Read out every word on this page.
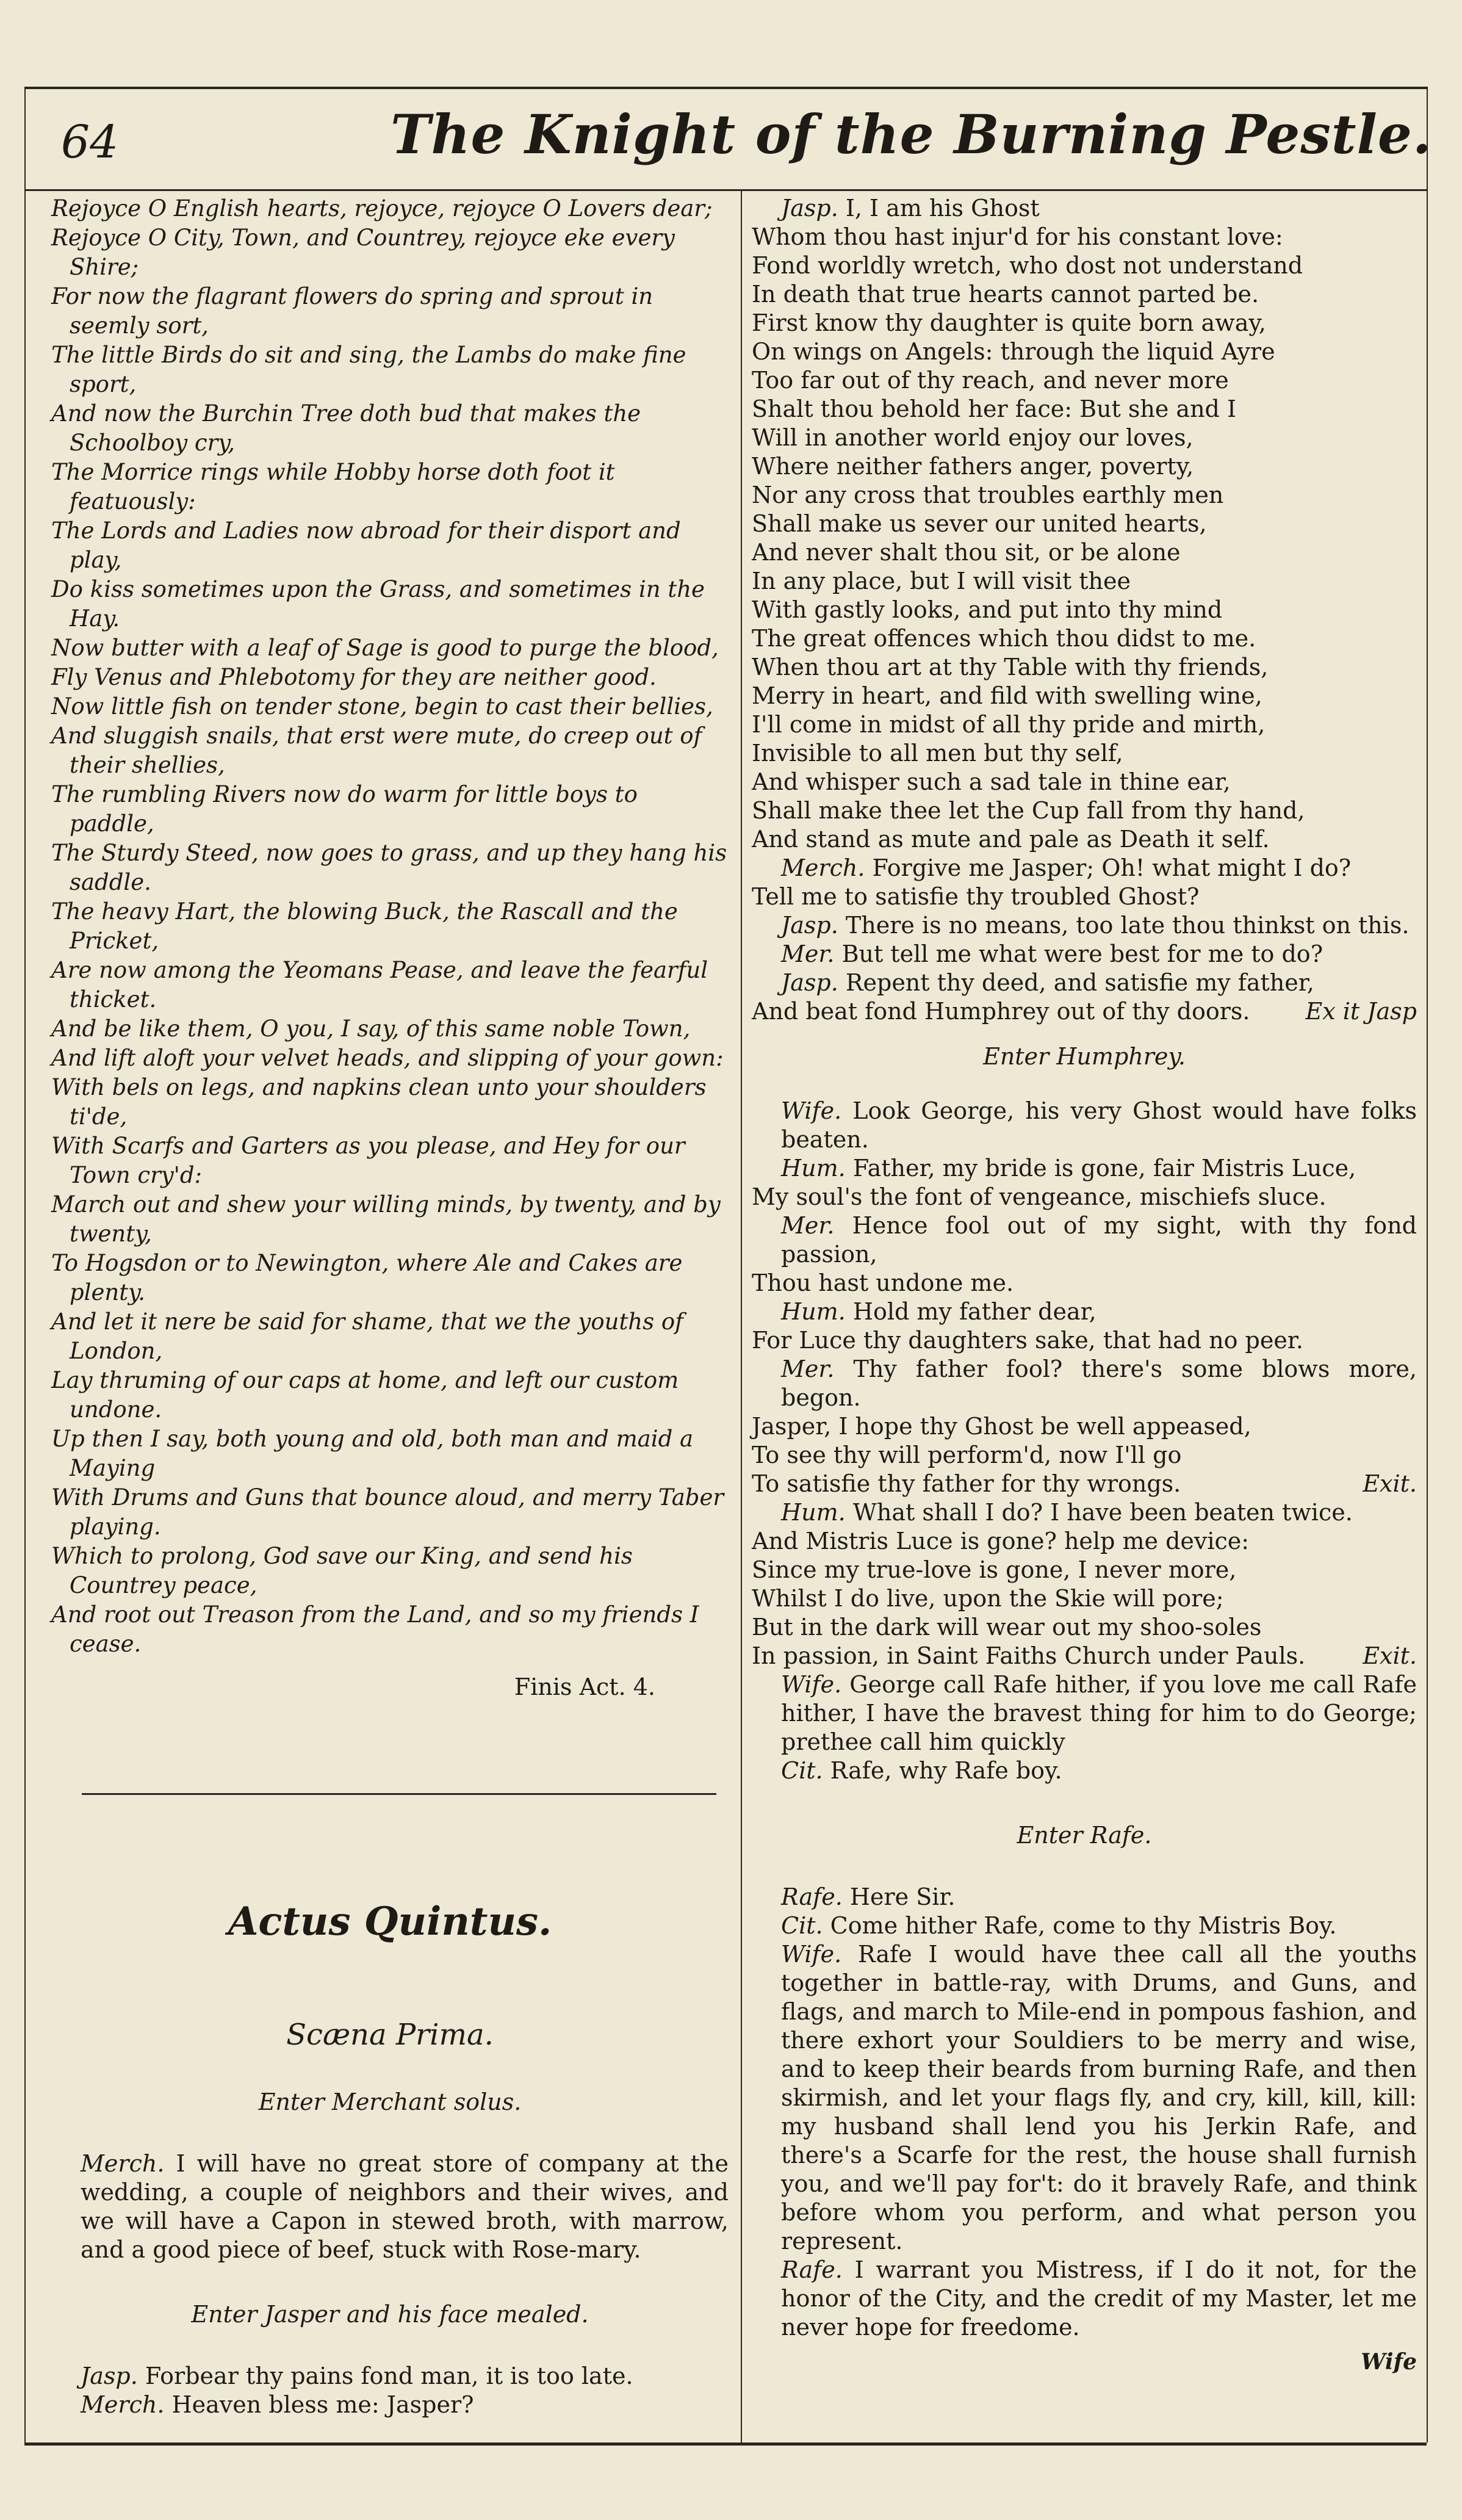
64	The Knight of the Burning Pestle.

Rejoyce O English hearts, rejoyce, rejoyce O Lovers dear;

Rejoyce O City, Town, and Countrey, rejoyce eke every Shire;

For now the flagrant flowers do spring and sprout in seemly sort,

The little Birds do sit and sing, the Lambs do make fine sport,

And now the Burchin Tree doth bud that makes the Schoolboy cry,

The Morrice rings while Hobby horse doth foot it featuously:

The Lords and Ladies now abroad for their disport and play,

Do kiss sometimes upon the Grass, and sometimes in the Hay.

Now butter with a leaf of Sage is good to purge the blood,

Fly Venus and Phlebotomy for they are neither good.

Now little fish on tender stone, begin to cast their bellies,

And sluggish snails, that erst were mute, do creep out of their shellies,

The rumbling Rivers now do warm for little boys to paddle,

The Sturdy Steed, now goes to grass, and up they hang his saddle.

The heavy Hart, the blowing Buck, the Rascall and the Pricket,

Are now among the Yeomans Pease, and leave the fearful thicket.

And be like them, O you, I say, of this same noble Town,

And lift aloft your velvet heads, and slipping of your gown:

With bels on legs, and napkins clean unto your shoulders ti'de,

With Scarfs and Garters as you please, and Hey for our Town cry'd:

March out and shew your willing minds, by twenty, and by twenty,

To Hogsdon or to Newington, where Ale and Cakes are plenty.

And let it nere be said for shame, that we the youths of London,

Lay thruming of our caps at home, and left our custom undone.

Up then I say, both young and old, both man and maid a Maying

With Drums and Guns that bounce aloud, and merry Taber playing.

Which to prolong, God save our King, and send his Countrey peace,

And root out Treason from the Land, and so my friends I cease.

Finis Act. 4.
Actus Quintus.
Scæna Prima.
Enter Merchant solus.

Merch. I will have no great store of company at the wedding, a couple of neighbors and their wives, and we will have a Capon in stewed broth, with marrow, and a good piece of beef, stuck with Rose-mary.

Enter Jasper and his face mealed.

Jasp. Forbear thy pains fond man, it is too late.

Merch. Heaven bless me: Jasper?

Jasp. I, I am his Ghost

Whom thou hast injur'd for his constant love:

Fond worldly wretch, who dost not understand

In death that true hearts cannot parted be.

First know thy daughter is quite born away,

On wings on Angels: through the liquid Ayre

Too far out of thy reach, and never more

Shalt thou behold her face: But she and I

Will in another world enjoy our loves,

Where neither fathers anger, poverty,

Nor any cross that troubles earthly men

Shall make us sever our united hearts,

And never shalt thou sit, or be alone

In any place, but I will visit thee

With gastly looks, and put into thy mind

The great offences which thou didst to me.

When thou art at thy Table with thy friends,

Merry in heart, and fild with swelling wine,

I'll come in midst of all thy pride and mirth,

Invisible to all men but thy self,

And whisper such a sad tale in thine ear,

Shall make thee let the Cup fall from thy hand,

And stand as mute and pale as Death it self.

Merch. Forgive me Jasper; Oh! what might I do?

Tell me to satisfie thy troubled Ghost?

Jasp. There is no means, too late thou thinkst on this.

Mer. But tell me what were best for me to do?

Jasp. Repent thy deed, and satisfie my father,

And beat fond Humphrey out of thy doors. Ex it Jasp

Enter Humphrey.

Wife. Look George, his very Ghost would have folks beaten.

Hum. Father, my bride is gone, fair Mistris Luce,

My soul's the font of vengeance, mischiefs sluce.

Mer. Hence fool out of my sight, with thy fond passion,

Thou hast undone me.

Hum. Hold my father dear,

For Luce thy daughters sake, that had no peer.

Mer. Thy father fool? there's some blows more, begon.

Jasper, I hope thy Ghost be well appeased,

To see thy will perform'd, now I'll go

To satisfie thy father for thy wrongs.	Exit.

Hum. What shall I do? I have been beaten twice.

And Mistris Luce is gone? help me device:

Since my true-love is gone, I never more,

Whilst I do live, upon the Skie will pore;

But in the dark will wear out my shoo-soles

In passion, in Saint Faiths Church under Pauls. Exit.

Wife. George call Rafe hither, if you love me call Rafe hither, I have the bravest thing for him to do George; prethee call him quickly

Cit. Rafe, why Rafe boy.

Enter Rafe.

Rafe. Here Sir.

Cit. Come hither Rafe, come to thy Mistris Boy.

Wife. Rafe I would have thee call all the youths together in battle-ray, with Drums, and Guns, and flags, and march to Mile-end in pompous fashion, and there exhort your Souldiers to be merry and wise, and to keep their beards from burning Rafe, and then skirmish, and let your flags fly, and cry, kill, kill, kill: my husband shall lend you his Jerkin Rafe, and there's a Scarfe for the rest, the house shall furnish you, and we'll pay for't: do it bravely Rafe, and think before whom you perform, and what person you represent.

Rafe. I warrant you Mistress, if I do it not, for the honor of the City, and the credit of my Master, let me never hope for freedome.

Wife
